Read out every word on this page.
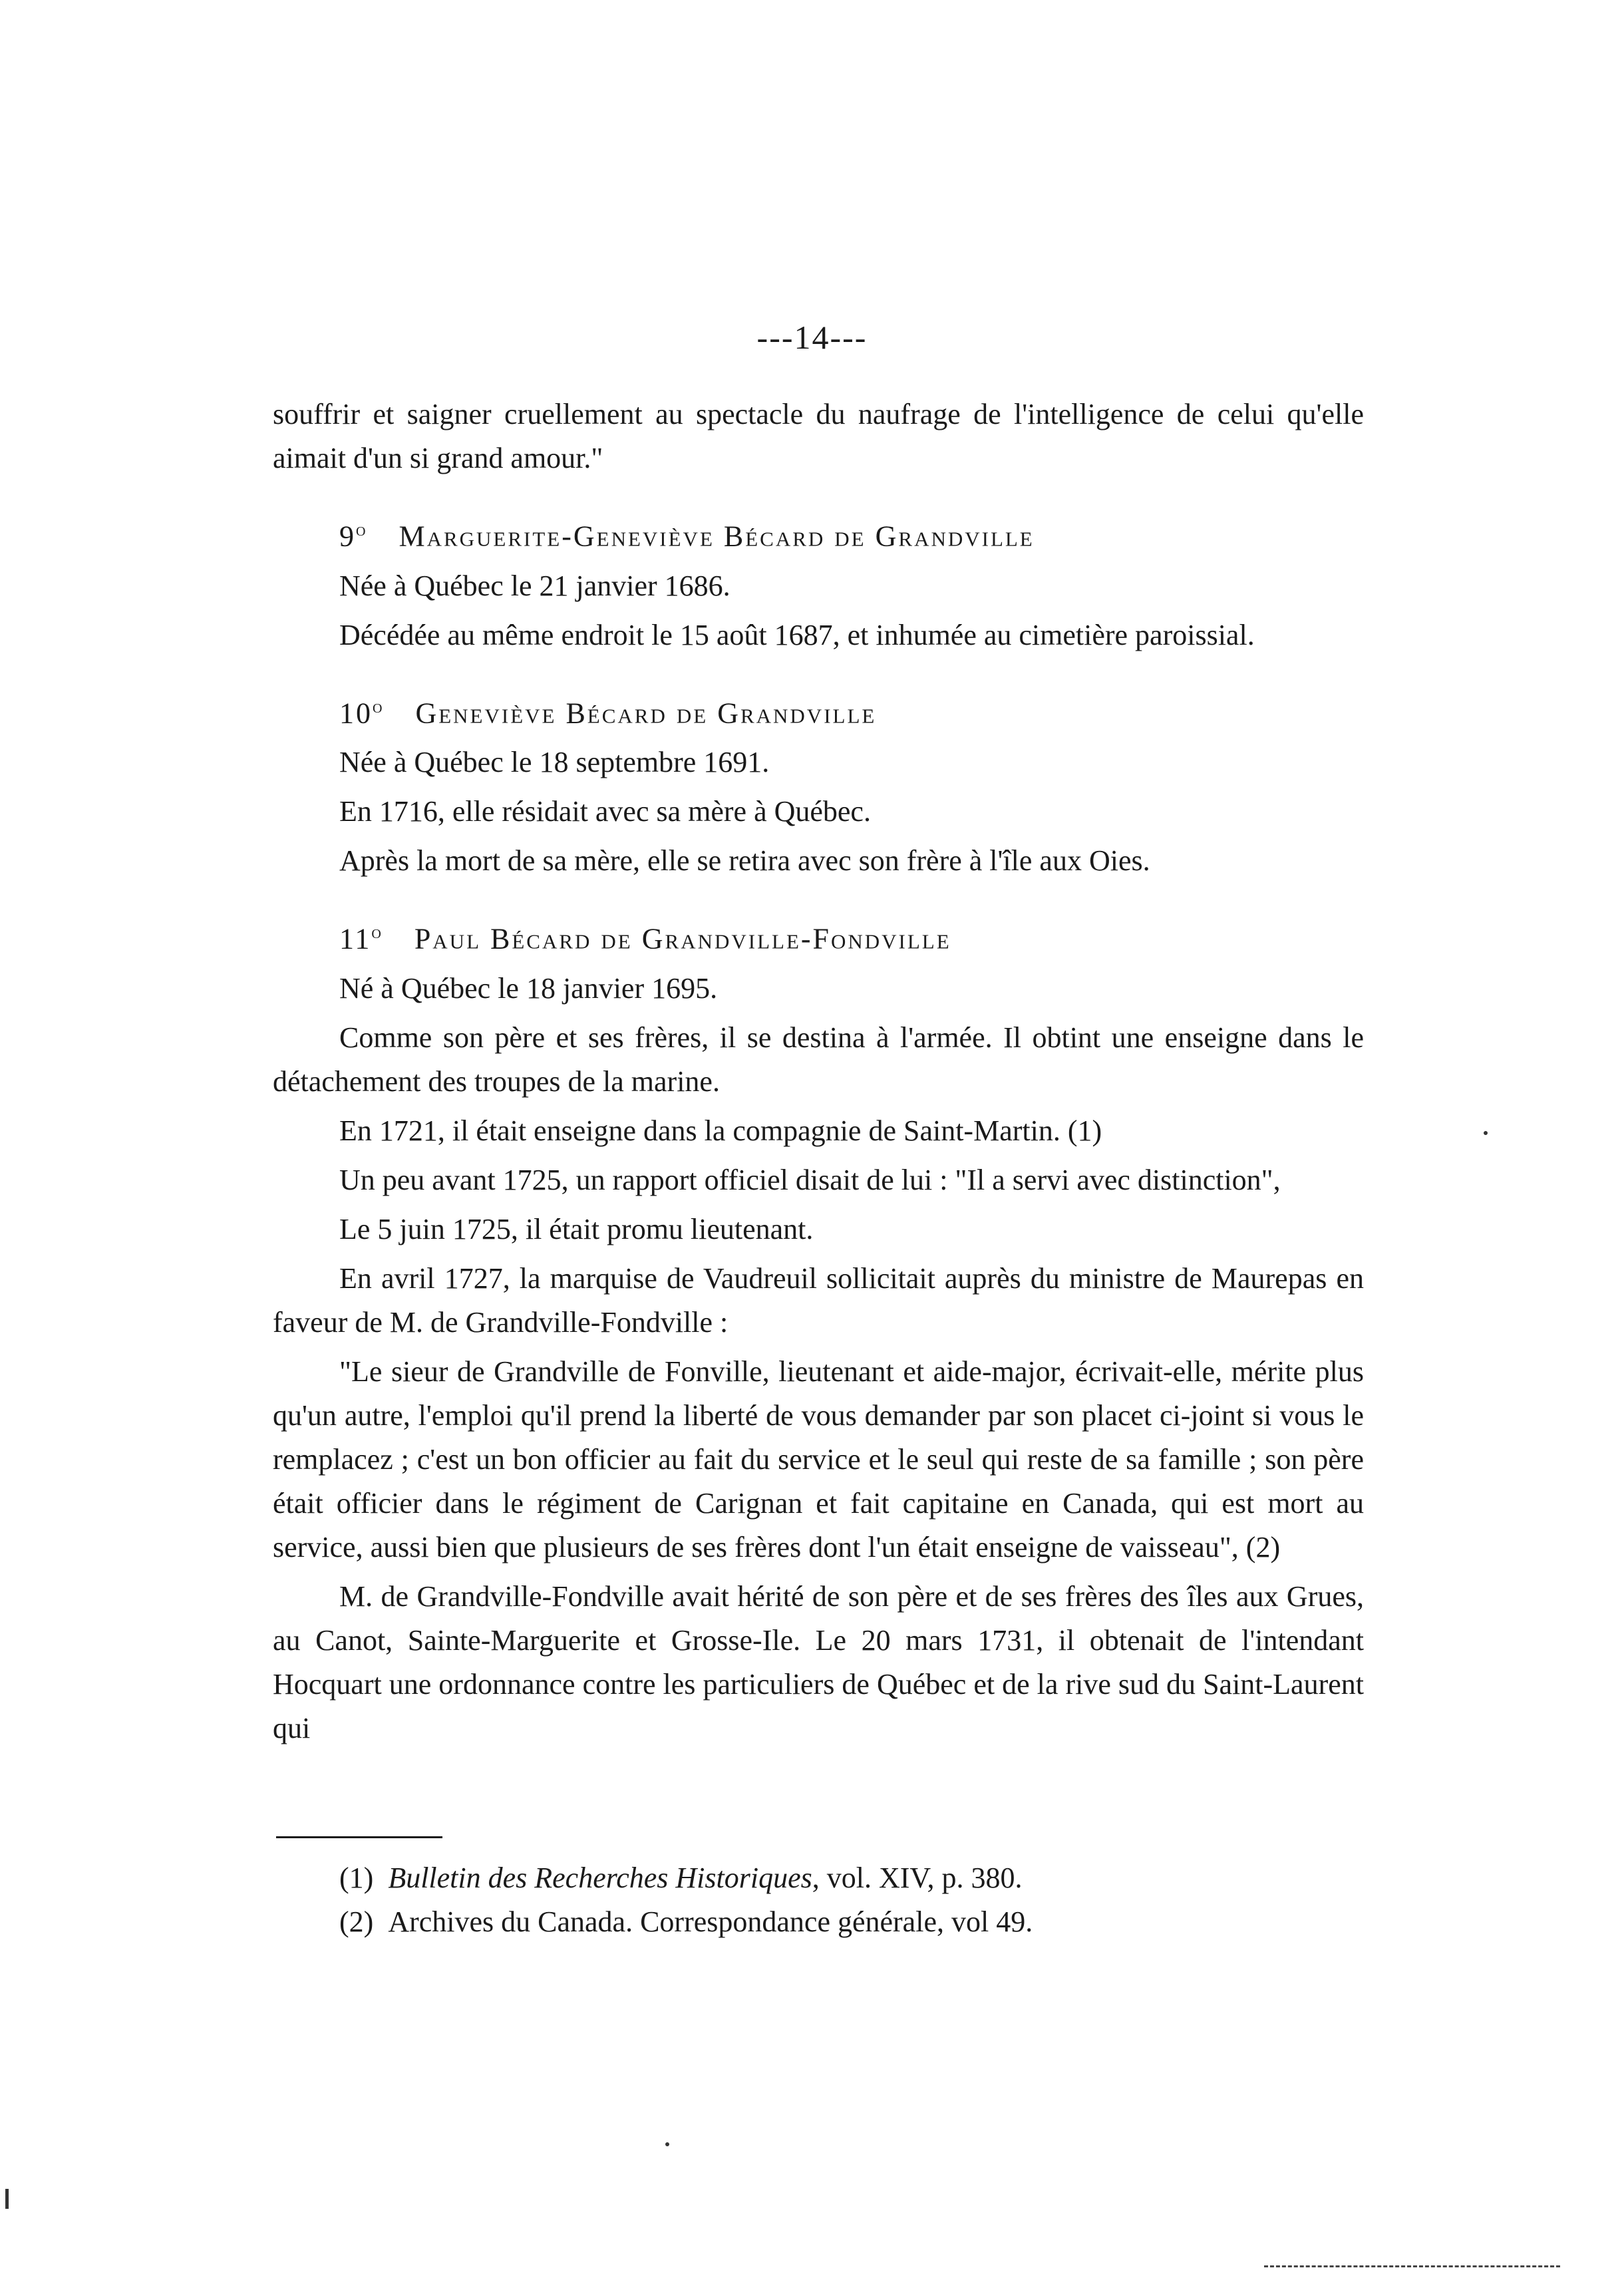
---14---

souffrir et saigner cruellement au spectacle du naufrage de l'intelligence de celui qu'elle aimait d'un si grand amour."

9$^o$ Marguerite-Geneviève Bécard de Grandville

Née à Québec le 21 janvier 1686.

Décédée au même endroit le 15 août 1687, et inhumée au cimetière paroissial.

10$^o$ Geneviève Bécard de Grandville

Née à Québec le 18 septembre 1691.

En 1716, elle résidait avec sa mère à Québec.

Après la mort de sa mère, elle se retira avec son frère à l'île aux Oies.

11$^o$ Paul Bécard de Grandville-Fondville

Né à Québec le 18 janvier 1695.

Comme son père et ses frères, il se destina à l'armée. Il obtint une enseigne dans le détachement des troupes de la marine.

En 1721, il était enseigne dans la compagnie de Saint-Martin. (1)

Un peu avant 1725, un rapport officiel disait de lui : "Il a servi avec distinction",

Le 5 juin 1725, il était promu lieutenant.

En avril 1727, la marquise de Vaudreuil sollicitait auprès du ministre de Maurepas en faveur de M. de Grandville-Fondville :

"Le sieur de Grandville de Fonville, lieutenant et aide-major, écrivait-elle, mérite plus qu'un autre, l'emploi qu'il prend la liberté de vous demander par son placet ci-joint si vous le remplacez ; c'est un bon officier au fait du service et le seul qui reste de sa famille ; son père était officier dans le régiment de Carignan et fait capitaine en Canada, qui est mort au service, aussi bien que plusieurs de ses frères dont l'un était enseigne de vaisseau", (2)

M. de Grandville-Fondville avait hérité de son père et de ses frères des îles aux Grues, au Canot, Sainte-Marguerite et Grosse-Ile. Le 20 mars 1731, il obtenait de l'intendant Hocquart une ordonnance contre les particuliers de Québec et de la rive sud du Saint-Laurent qui

(1) Bulletin des Recherches Historiques, vol. XIV, p. 380.

(2) Archives du Canada. Correspondance générale, vol 49.
